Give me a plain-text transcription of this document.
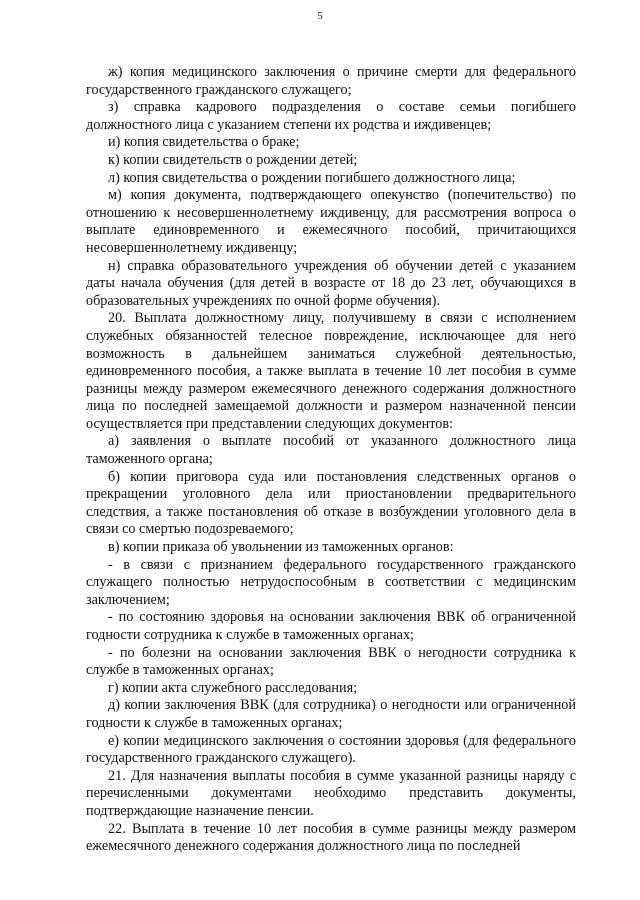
5

ж) копия медицинского заключения о причине смерти для федерального государственного гражданского служащего;

з) справка кадрового подразделения о составе семьи погибшего должностного лица с указанием степени их родства и иждивенцев;

и) копия свидетельства о браке;

к) копии свидетельств о рождении детей;

л) копия свидетельства о рождении погибшего должностного лица;

м) копия документа, подтверждающего опекунство (попечительство) по отношению к несовершеннолетнему иждивенцу, для рассмотрения вопроса о выплате единовременного и ежемесячного пособий, причитающихся несовершеннолетнему иждивенцу;

н) справка образовательного учреждения об обучении детей с указанием даты начала обучения (для детей в возрасте от 18 до 23 лет, обучающихся в образовательных учреждениях по очной форме обучения).

20. Выплата должностному лицу, получившему в связи с исполнением служебных обязанностей телесное повреждение, исключающее для него возможность в дальнейшем заниматься служебной деятельностью, единовременного пособия, а также выплата в течение 10 лет пособия в сумме разницы между размером ежемесячного денежного содержания должностного лица по последней замещаемой должности и размером назначенной пенсии осуществляется при представлении следующих документов:

а) заявления о выплате пособий от указанного должностного лица таможенного органа;

б) копии приговора суда или постановления следственных органов о прекращении уголовного дела или приостановлении предварительного следствия, а также постановления об отказе в возбуждении уголовного дела в связи со смертью подозреваемого;

в) копии приказа об увольнении из таможенных органов:

- в связи с признанием федерального государственного гражданского служащего полностью нетрудоспособным в соответствии с медицинским заключением;

- по состоянию здоровья на основании заключения ВВК об ограниченной годности сотрудника к службе в таможенных органах;

- по болезни на основании заключения ВВК о негодности сотрудника к службе в таможенных органах;

г) копии акта служебного расследования;

д) копии заключения ВВК (для сотрудника) о негодности или ограниченной годности к службе в таможенных органах;

е) копии медицинского заключения о состоянии здоровья (для федерального государственного гражданского служащего).

21. Для назначения выплаты пособия в сумме указанной разницы наряду с перечисленными документами необходимо представить документы, подтверждающие назначение пенсии.

22. Выплата в течение 10 лет пособия в сумме разницы между размером ежемесячного денежного содержания должностного лица по последней
